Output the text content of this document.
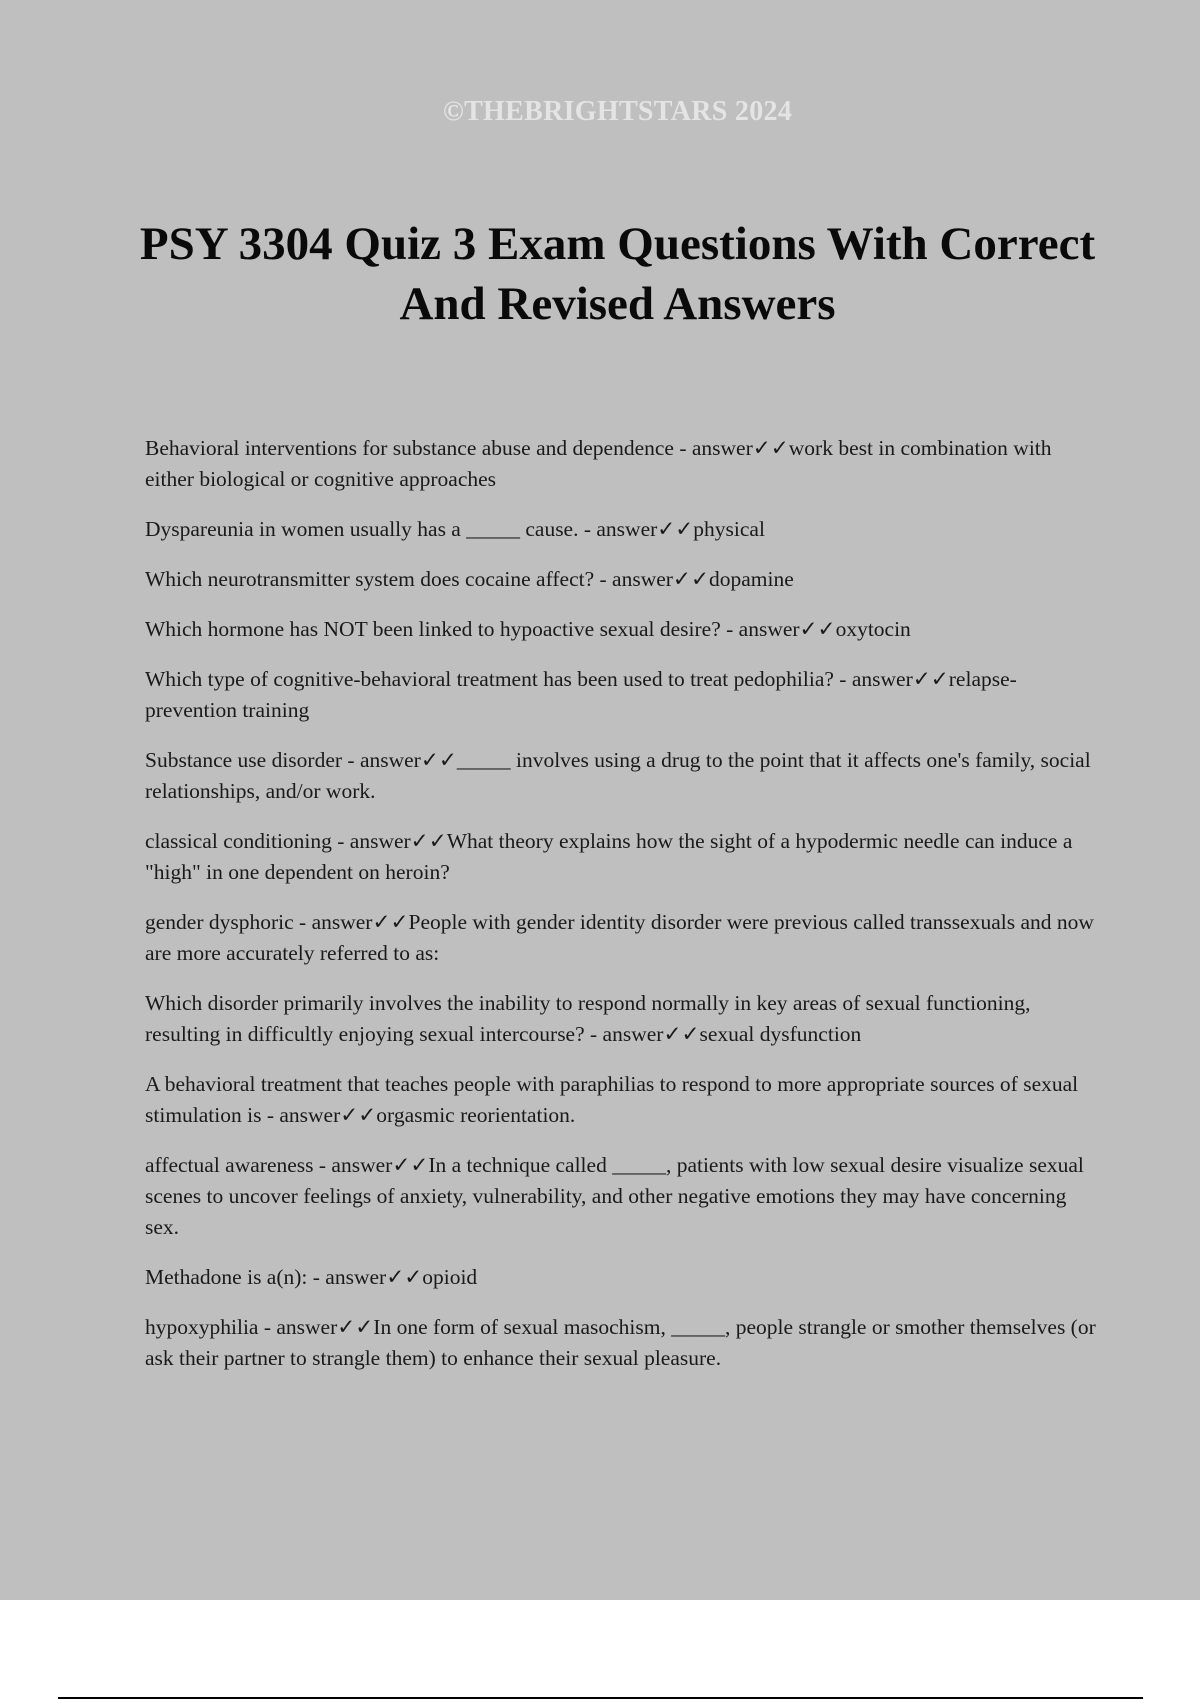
©THEBRIGHTSTARS 2024
PSY 3304 Quiz 3 Exam Questions With Correct And Revised Answers

Behavioral interventions for substance abuse and dependence - answer✓✓work best in combination with either biological or cognitive approaches

Dyspareunia in women usually has a _____ cause. - answer✓✓physical

Which neurotransmitter system does cocaine affect? - answer✓✓dopamine

Which hormone has NOT been linked to hypoactive sexual desire? - answer✓✓oxytocin

Which type of cognitive-behavioral treatment has been used to treat pedophilia? - answer✓✓relapse-prevention training

Substance use disorder - answer✓✓_____ involves using a drug to the point that it affects one's family, social relationships, and/or work.

classical conditioning - answer✓✓What theory explains how the sight of a hypodermic needle can induce a "high" in one dependent on heroin?

gender dysphoric - answer✓✓People with gender identity disorder were previous called transsexuals and now are more accurately referred to as:

Which disorder primarily involves the inability to respond normally in key areas of sexual functioning, resulting in difficultly enjoying sexual intercourse? - answer✓✓sexual dysfunction

A behavioral treatment that teaches people with paraphilias to respond to more appropriate sources of sexual stimulation is - answer✓✓orgasmic reorientation.

affectual awareness - answer✓✓In a technique called _____, patients with low sexual desire visualize sexual scenes to uncover feelings of anxiety, vulnerability, and other negative emotions they may have concerning sex.

Methadone is a(n): - answer✓✓opioid

hypoxyphilia - answer✓✓In one form of sexual masochism, _____, people strangle or smother themselves (or ask their partner to strangle them) to enhance their sexual pleasure.
